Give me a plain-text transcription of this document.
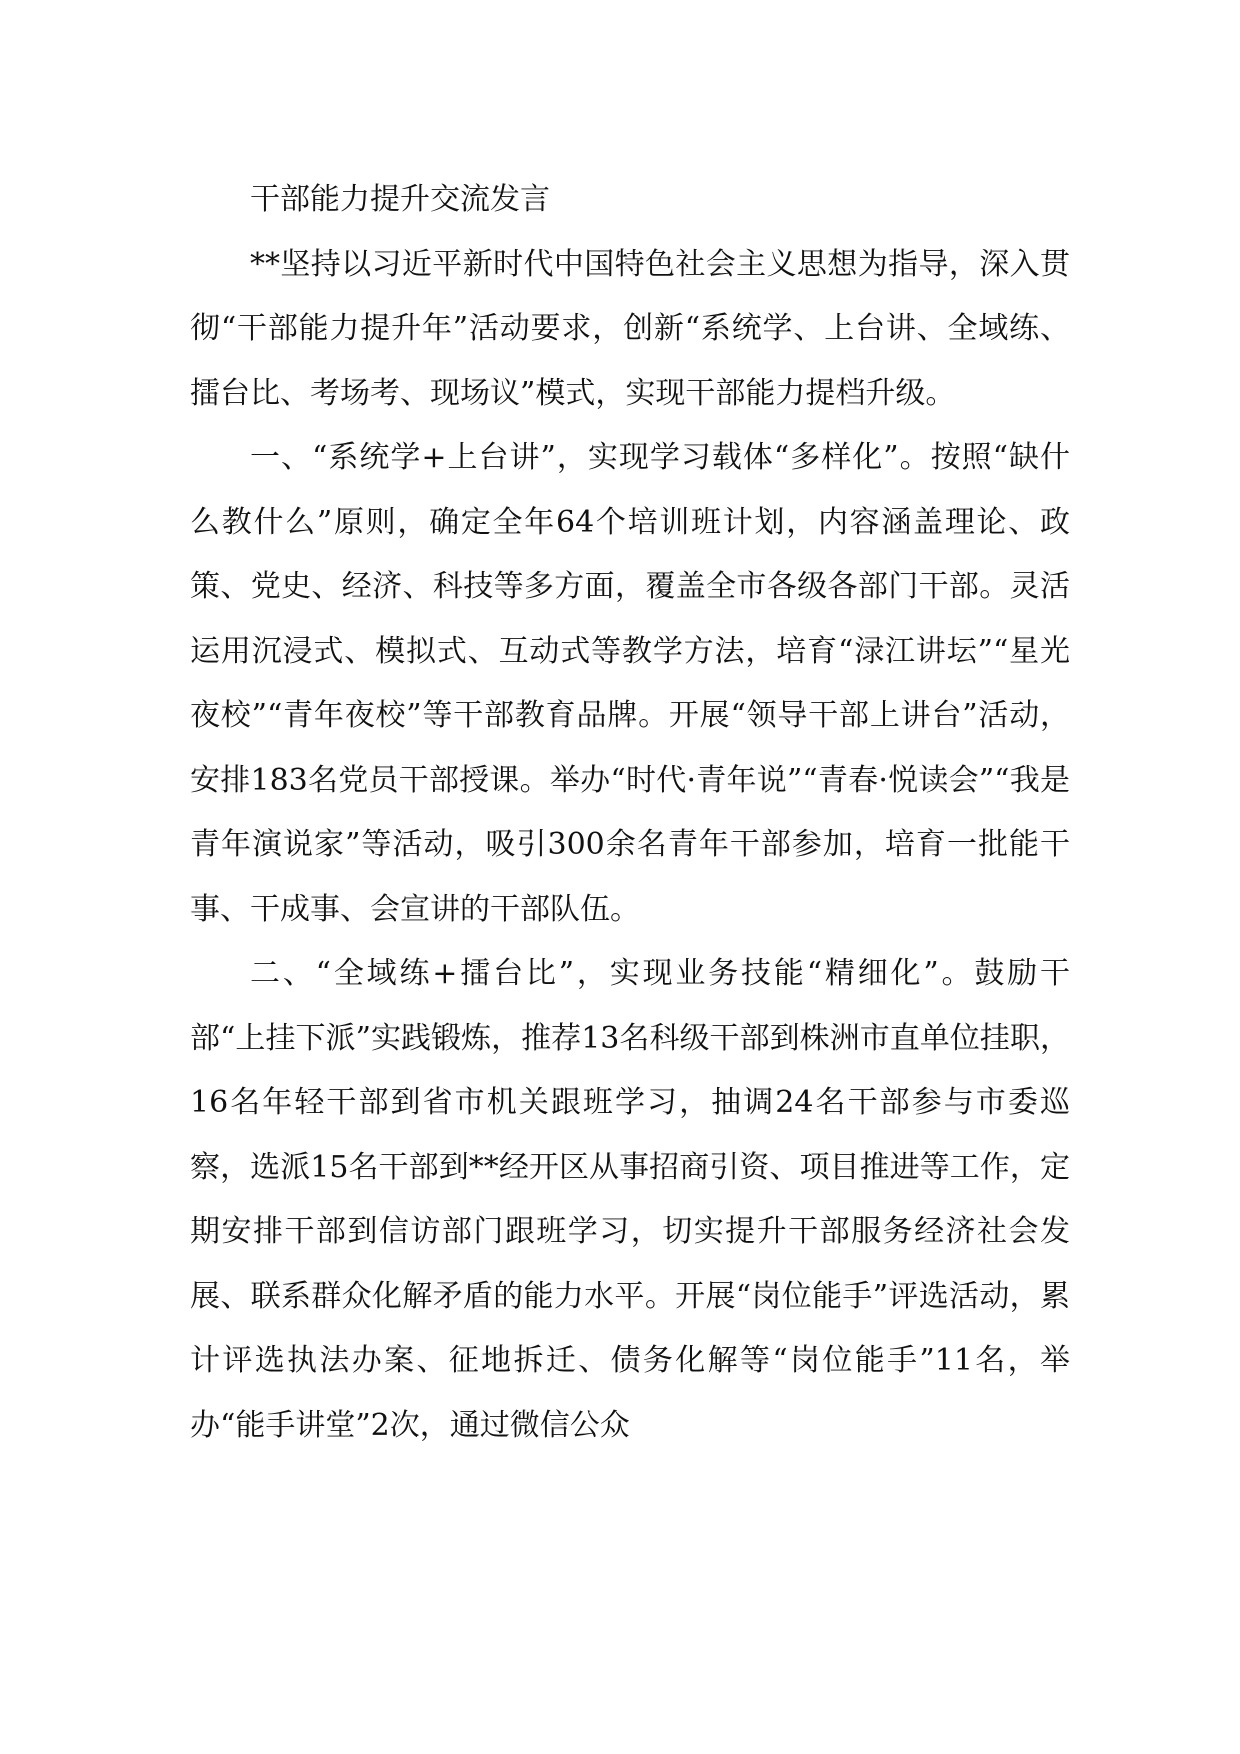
干部能力提升交流发言

**坚持以习近平新时代中国特色社会主义思想为指导，深入贯彻“干部能力提升年”活动要求，创新“系统学、上台讲、全域练、擂台比、考场考、现场议”模式，实现干部能力提档升级。

一、“系统学+上台讲”，实现学习载体“多样化”。按照“缺什么教什么”原则，确定全年64个培训班计划，内容涵盖理论、政策、党史、经济、科技等多方面，覆盖全市各级各部门干部。灵活运用沉浸式、模拟式、互动式等教学方法，培育“渌江讲坛”“星光夜校”“青年夜校”等干部教育品牌。开展“领导干部上讲台”活动，安排183名党员干部授课。举办“时代·青年说”“青春·悦读会”“我是青年演说家”等活动，吸引300余名青年干部参加，培育一批能干事、干成事、会宣讲的干部队伍。

二、“全域练+擂台比”，实现业务技能“精细化”。鼓励干部“上挂下派”实践锻炼，推荐13名科级干部到株洲市直单位挂职，16名年轻干部到省市机关跟班学习，抽调24名干部参与市委巡察，选派15名干部到**经开区从事招商引资、项目推进等工作，定期安排干部到信访部门跟班学习，切实提升干部服务经济社会发展、联系群众化解矛盾的能力水平。开展“岗位能手”评选活动，累计评选执法办案、征地拆迁、债务化解等“岗位能手”11名，举办“能手讲堂”2次，通过微信公众
